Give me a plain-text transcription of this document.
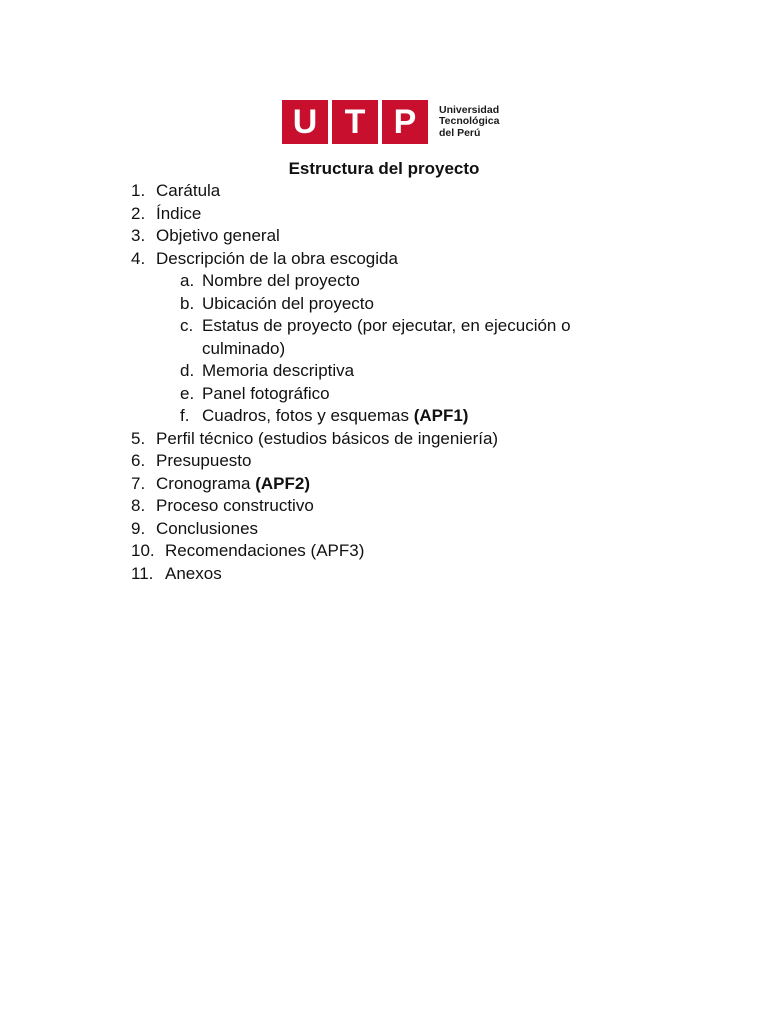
U T P	Universidad
Tecnológica
del Perú
Estructura del proyecto
1. Carátula
2. Índice
3. Objetivo general
4. Descripción de la obra escogida
a. Nombre del proyecto
b. Ubicación del proyecto
c. Estatus de proyecto (por ejecutar, en ejecución o
culminado)
d. Memoria descriptiva
e. Panel fotográfico
f. Cuadros, fotos y esquemas (APF1)
5. Perfil técnico (estudios básicos de ingeniería)
6. Presupuesto
7. Cronograma (APF2)
8. Proceso constructivo
9. Conclusiones
10. Recomendaciones (APF3)
11. Anexos
